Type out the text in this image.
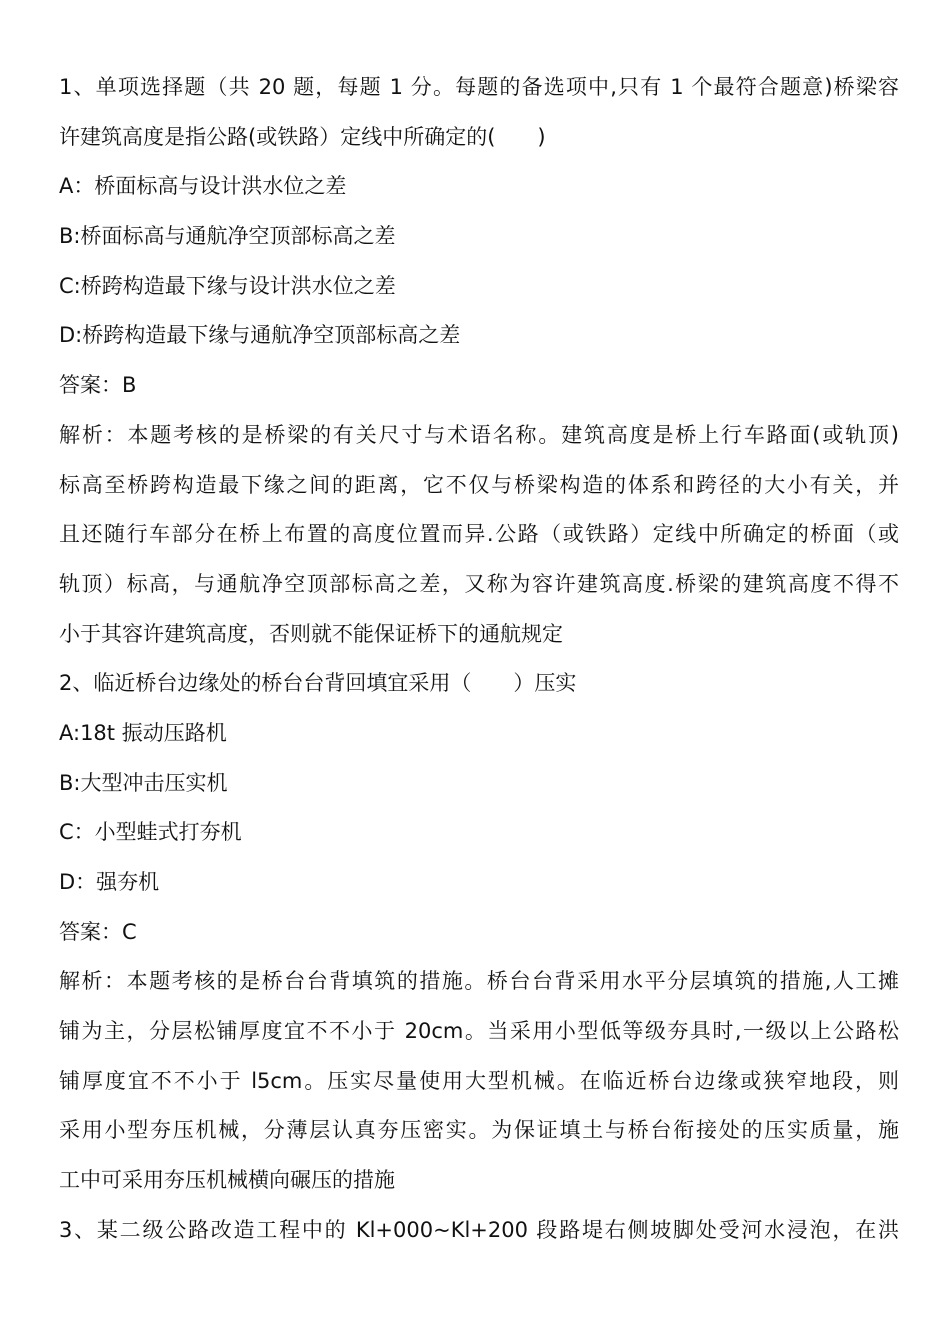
1、单项选择题（共 20 题，每题 1 分。每题的备选项中,只有 1 个最符合题意)桥梁容
许建筑高度是指公路(或铁路）定线中所确定的(　　)
A：桥面标高与设计洪水位之差
B:桥面标高与通航净空顶部标高之差
C:桥跨构造最下缘与设计洪水位之差
D:桥跨构造最下缘与通航净空顶部标高之差
答案：B
解析：本题考核的是桥梁的有关尺寸与术语名称。建筑高度是桥上行车路面(或轨顶)
标高至桥跨构造最下缘之间的距离，它不仅与桥梁构造的体系和跨径的大小有关，并
且还随行车部分在桥上布置的高度位置而异.公路（或铁路）定线中所确定的桥面（或
轨顶）标高，与通航净空顶部标高之差，又称为容许建筑高度.桥梁的建筑高度不得不
小于其容许建筑高度，否则就不能保证桥下的通航规定
2、临近桥台边缘处的桥台台背回填宜采用（　　）压实
A:18t 振动压路机
B:大型冲击压实机
C：小型蛙式打夯机
D：强夯机
答案：C
解析：本题考核的是桥台台背填筑的措施。桥台台背采用水平分层填筑的措施,人工摊
铺为主，分层松铺厚度宜不不小于 20cm。当采用小型低等级夯具时,一级以上公路松
铺厚度宜不不小于 l5cm。压实尽量使用大型机械。在临近桥台边缘或狭窄地段，则
采用小型夯压机械，分薄层认真夯压密实。为保证填土与桥台衔接处的压实质量，施
工中可采用夯压机械横向碾压的措施
3、某二级公路改造工程中的 Kl+000~Kl+200 段路堤右侧坡脚处受河水浸泡，在洪
